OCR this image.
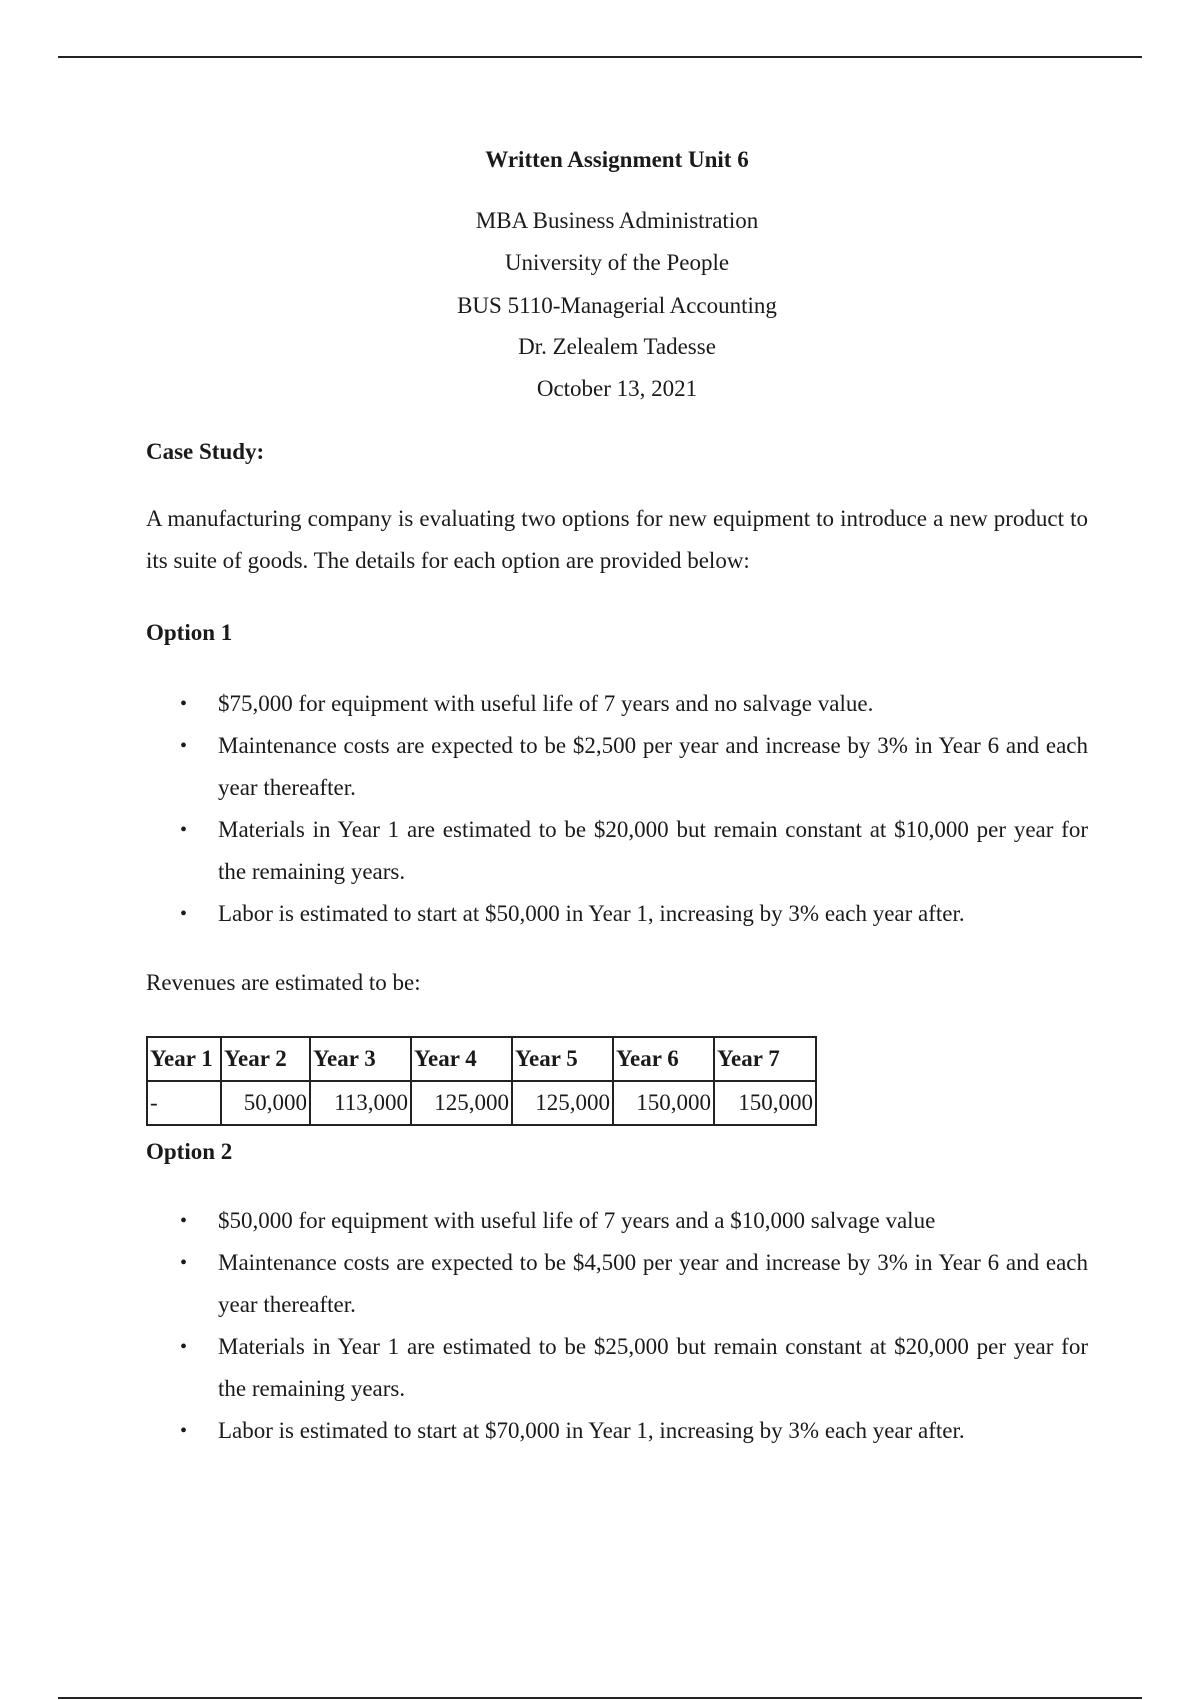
Written Assignment Unit 6
MBA Business Administration
University of the People
BUS 5110-Managerial Accounting
Dr. Zelealem Tadesse
October 13, 2021
Case Study:
A manufacturing company is evaluating two options for new equipment to introduce a new product to its suite of goods. The details for each option are provided below:
Option 1
• $75,000 for equipment with useful life of 7 years and no salvage value.
• Maintenance costs are expected to be $2,500 per year and increase by 3% in Year 6 and each year thereafter.
• Materials in Year 1 are estimated to be $20,000 but remain constant at $10,000 per year for the remaining years.
• Labor is estimated to start at $50,000 in Year 1, increasing by 3% each year after.
Revenues are estimated to be:
Year 1	Year 2	Year 3	Year 4	Year 5	Year 6	Year 7
-	50,000	113,000	125,000	125,000	150,000	150,000
Option 2
• $50,000 for equipment with useful life of 7 years and a $10,000 salvage value
• Maintenance costs are expected to be $4,500 per year and increase by 3% in Year 6 and each year thereafter.
• Materials in Year 1 are estimated to be $25,000 but remain constant at $20,000 per year for the remaining years.
• Labor is estimated to start at $70,000 in Year 1, increasing by 3% each year after.
